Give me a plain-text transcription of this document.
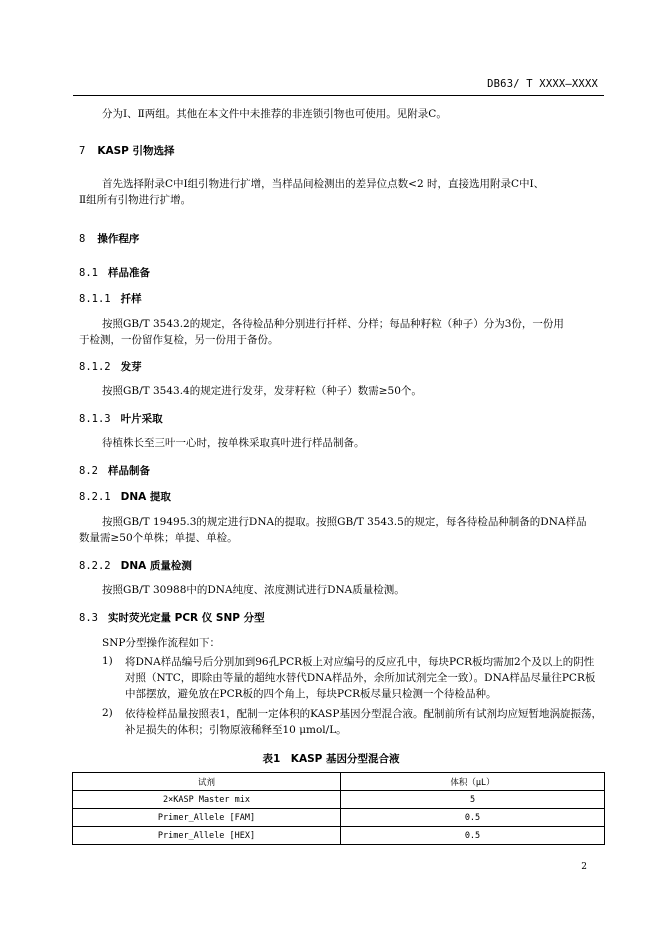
DB63/ T XXXX—XXXX
分为Ⅰ、Ⅱ两组。其他在本文件中未推荐的非连锁引物也可使用。见附录C。
7 KASP 引物选择
首先选择附录C中Ⅰ组引物进行扩增，当样品间检测出的差异位点数<2 时，直接选用附录C中Ⅰ、
Ⅱ组所有引物进行扩增。
8 操作程序
8.1 样品准备
8.1.1 扦样
按照GB/T 3543.2的规定，各待检品种分别进行扦样、分样；每品种籽粒（种子）分为3份，一份用
于检测，一份留作复检，另一份用于备份。
8.1.2 发芽
按照GB/T 3543.4的规定进行发芽，发芽籽粒（种子）数需≥50个。
8.1.3 叶片采取
待植株长至三叶一心时，按单株采取真叶进行样品制备。
8.2 样品制备
8.2.1 DNA 提取
按照GB/T 19495.3的规定进行DNA的提取。按照GB/T 3543.5的规定，每各待检品种制备的DNA样品
数量需≥50个单株；单提、单检。
8.2.2 DNA 质量检测
按照GB/T 30988中的DNA纯度、浓度测试进行DNA质量检测。
8.3 实时荧光定量 PCR 仪 SNP 分型
SNP分型操作流程如下：
1) 将DNA样品编号后分别加到96孔PCR板上对应编号的反应孔中，每块PCR板均需加2个及以上的阴性对照（NTC，即除由等量的超纯水替代DNA样品外，余所加试剂完全一致）。DNA样品尽量往PCR板中部摆放，避免放在PCR板的四个角上，每块PCR板尽量只检测一个待检品种。
2) 依待检样品量按照表1，配制一定体积的KASP基因分型混合液。配制前所有试剂均应短暂地涡旋振荡，补足损失的体积；引物原液稀释至10 μmol/L。
表1　KASP 基因分型混合液
试剂	体积（μL）
2×KASP Master mix	5
Primer_Allele [FAM]	0.5
Primer_Allele [HEX]	0.5
2
